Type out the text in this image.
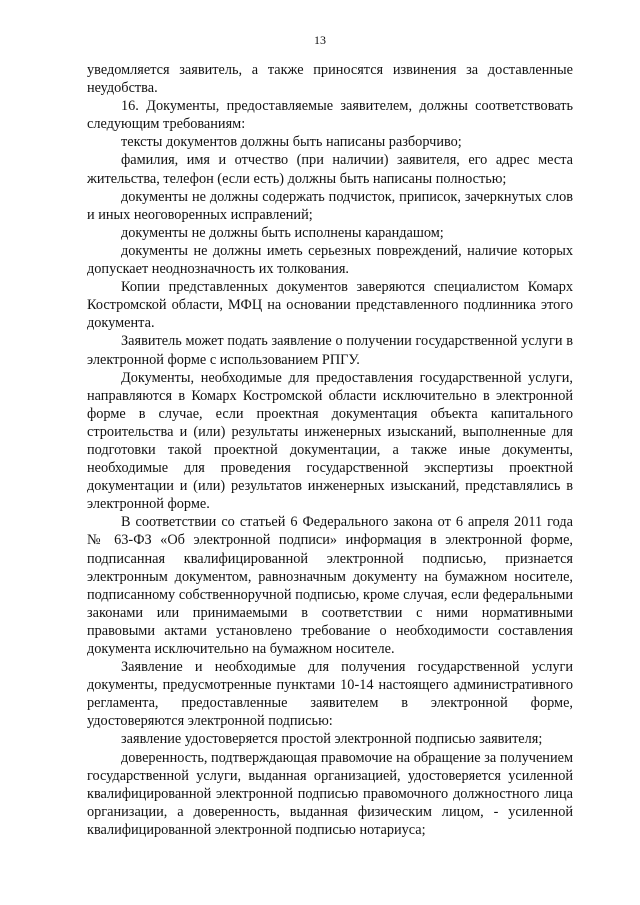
13

уведомляется заявитель, а также приносятся извинения за доставленные неудобства.

16. Документы, предоставляемые заявителем, должны соответствовать следующим требованиям:

тексты документов должны быть написаны разборчиво;

фамилия, имя и отчество (при наличии) заявителя, его адрес места жительства, телефон (если есть) должны быть написаны полностью;

документы не должны содержать подчисток, приписок, зачеркнутых слов и иных неоговоренных исправлений;

документы не должны быть исполнены карандашом;

документы не должны иметь серьезных повреждений, наличие которых допускает неоднозначность их толкования.

Копии представленных документов заверяются специалистом Комарх Костромской области, МФЦ на основании представленного подлинника этого документа.

Заявитель может подать заявление о получении государственной услуги в электронной форме с использованием РПГУ.

Документы, необходимые для предоставления государственной услуги, направляются в Комарх Костромской области исключительно в электронной форме в случае, если проектная документация объекта капитального строительства и (или) результаты инженерных изысканий, выполненные для подготовки такой проектной документации, а также иные документы, необходимые для проведения государственной экспертизы проектной документации и (или) результатов инженерных изысканий, представлялись в электронной форме.

В соответствии со статьей 6 Федерального закона от 6 апреля 2011 года № 63-ФЗ «Об электронной подписи» информация в электронной форме, подписанная квалифицированной электронной подписью, признается электронным документом, равнозначным документу на бумажном носителе, подписанному собственноручной подписью, кроме случая, если федеральными законами или принимаемыми в соответствии с ними нормативными правовыми актами установлено требование о необходимости составления документа исключительно на бумажном носителе.

Заявление и необходимые для получения государственной услуги документы, предусмотренные пунктами 10-14 настоящего административного регламента, предоставленные заявителем в электронной форме, удостоверяются электронной подписью:

заявление удостоверяется простой электронной подписью заявителя;

доверенность, подтверждающая правомочие на обращение за получением государственной услуги, выданная организацией, удостоверяется усиленной квалифицированной электронной подписью правомочного должностного лица организации, а доверенность, выданная физическим лицом, - усиленной квалифицированной электронной подписью нотариуса;
